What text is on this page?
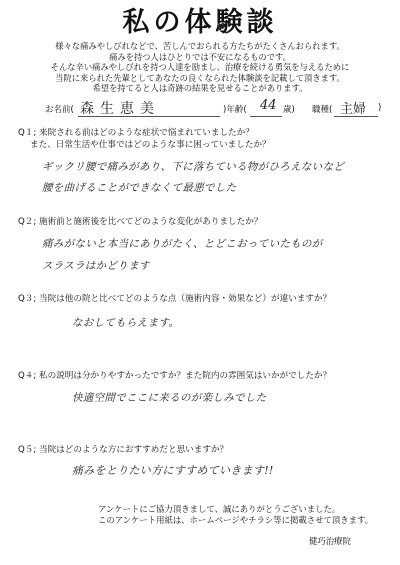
私の体験談
様々な痛みやしびれなどで、苦しんでおられる方たちがたくさんおられます。
痛みを持つ人はひとりでは不安になるものです。
そんな辛い痛みやしびれを持つ人達を励まし、治療を続ける勇気を与えるために
当院に来られた先輩としてあなたの良くなられた体験談を記載して頂きます。
希望を持てると人は奇跡の結果を見せることがあります。
お名前( 森生恵美	)年齢( 44 歳) 職種( 主婦 )
Q１; 来院される前はどのような症状で悩まれていましたか？
また、日常生活や仕事ではどのような事に困っていましたか？
ギックリ腰で痛みがあり、下に落ちている物がひろえないなど
腰を曲げることができなくて最悪でした
Q２; 施術前と施術後を比べてどのような変化がありましたか？
痛みがないと本当にありがたく、とどこおっていたものが
スラスラはかどります
Q３; 当院は他の院と比べてどのような点（施術内容・効果など）が違いますか？
なおしてもらえます。
Q４; 私の説明は分かりやすかったですか？また院内の雰囲気はいかがでしたか？
快適空間でここに来るのが楽しみでした
Q５; 当院はどのような方におすすめだと思いますか？
痛みをとりたい方にすすめていきます!!
アンケートにご協力頂きまして、誠にありがとうございました。
このアンケート用紙は、ホームページやチラシ等に掲載させて頂きます。
健巧治療院
